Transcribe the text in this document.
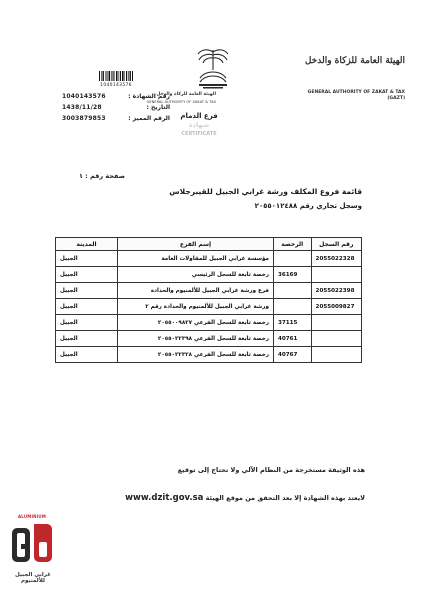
الهيئة العامة للزكاة والدخل
GENERAL AUTHORITY OF ZAKAT & TAX
(GAZT)
الهيئة العامة للزكاة والدخل
GENERAL AUTHORITY OF ZAKAT & TAX
فرع الدمام
شهادة
CERTIFICATE
1040143576
رقم الشهادة :
1040143576
التاريخ :
1438/11/28
الرقم المميز :
3003879853
صفحة رقم : ١
قائمة فروع المكلف ورشة غرابي الجبيل للقيبرجلاس
وسجل تجاري رقم ٢٠٥٥٠١٢٤٨٨
رقم السجل	الرخصة	إسم الفرع	المدينة
2055022328		مؤسسة غرابي الجبيل للمقاولات العامة	الجبيل
	36169	رخصة تابعة للسجل الرئيسي	الجبيل
2055022398		فرع ورشة غرابي الجبيل للألمنيوم والحدادة	الجبيل
2055009827		ورشة غرابي الجبيل للألمنيوم والحدادة رقم ٢	الجبيل
	37115	رخصة تابعة للسجل الفرعي ٢٠٥٥٠٠٩٨٢٧	الجبيل
	40761	رخصة تابعة للسجل الفرعي ٢٠٥٥٠٢٢٣٩٨	الجبيل
	40767	رخصة تابعة للسجل الفرعي ٢٠٥٥٠٢٢٣٢٨	الجبيل
هذه الوثيقة مستخرجة من النظام الآلي ولا تحتاج إلى توقيع
لايعتد بهذه الشهادة إلا بعد التحقق من موقع الهيئة www.dzit.gov.sa
ALUMINIUM
غرابي الجبيل للألمنيوم
